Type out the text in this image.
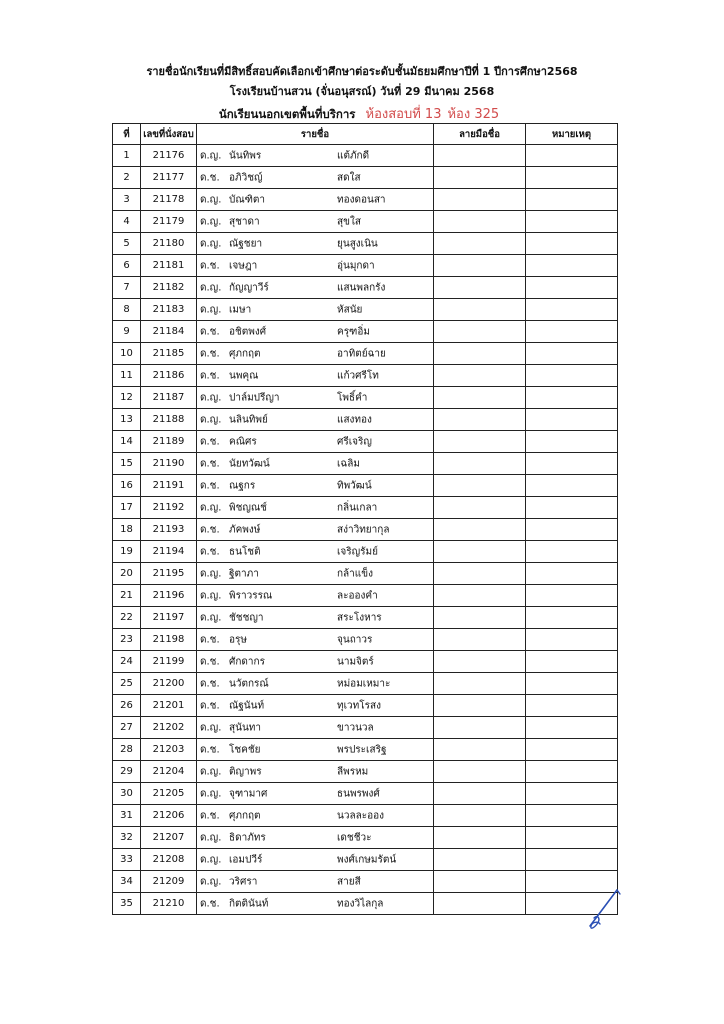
รายชื่อนักเรียนที่มีสิทธิ์สอบคัดเลือกเข้าศึกษาต่อระดับชั้นมัธยมศึกษาปีที่ 1 ปีการศึกษา2568
โรงเรียนบ้านสวน (จั่นอนุสรณ์) วันที่ 29 มีนาคม 2568
นักเรียนนอกเขตพื้นที่บริการ ห้องสอบที่ 13 ห้อง 325
ที่	เลขที่นั่งสอบ	รายชื่อ	ลายมือชื่อ	หมายเหตุ
1	21176	ด.ญ. นันทิพร แต้ภักดี		

2	21177	ด.ช. อภิวิชญ์ สดใส		

3	21178	ด.ญ. บัณฑิตา ทองดอนสา		

4	21179	ด.ญ. สุชาดา สุขใส		

5	21180	ด.ญ. ณัฐชยา ยุนสูงเนิน		

6	21181	ด.ช. เจษฎา อุ่นมุกดา		

7	21182	ด.ญ. กัญญาวีร์ แสนพลกรัง		

8	21183	ด.ญ. เมษา หัสนัย		

9	21184	ด.ช. อชิตพงศ์ ครุฑอิ่ม		

10	21185	ด.ช. ศุภกฤต อาทิตย์ฉาย		

11	21186	ด.ช. นพคุณ แก้วศรีโท		

12	21187	ด.ญ. ปาล์มปรีญา โพธิ์คำ		

13	21188	ด.ญ. นลินทิพย์ แสงทอง		

14	21189	ด.ช. คณิศร ศรีเจริญ		

15	21190	ด.ช. นัยทวัฒน์ เฉลิม		

16	21191	ด.ช. ณฐกร ทิพวัฒน์		

17	21192	ด.ญ. พิชญณช์ กลิ่นเกลา		

18	21193	ด.ช. ภัคพงษ์ สง่าวิทยากุล		

19	21194	ด.ช. ธนโชติ เจริญรัมย์		

20	21195	ด.ญ. ฐิตาภา กล้าแข็ง		

21	21196	ด.ญ. พิราวรรณ ละอองคำ		

22	21197	ด.ญ. ชัชชญา สระโงหาร		

23	21198	ด.ช. อรุษ จุนถาวร		

24	21199	ด.ช. ศักดากร นามจิตร์		

25	21200	ด.ช. นวัตกรณ์ หม่อมเหมาะ		

26	21201	ด.ช. ณัฐนันท์ ทุเวทโรสง		

27	21202	ด.ญ. สุนันทา ขาวนวล		

28	21203	ด.ช. โชคชัย พรประเสริฐ		

29	21204	ด.ญ. ติญาพร ลีพรหม		

30	21205	ด.ญ. จุฑามาศ ธนพรพงศ์		

31	21206	ด.ช. ศุภกฤต นวลละออง		

32	21207	ด.ญ. ธิดาภัทร เดชชีวะ		

33	21208	ด.ญ. เอมปวีร์ พงศ์เกษมรัตน์		

34	21209	ด.ญ. วริศรา สายสี		

35	21210	ด.ช. กิตตินันท์ ทองวิไลกุล		
